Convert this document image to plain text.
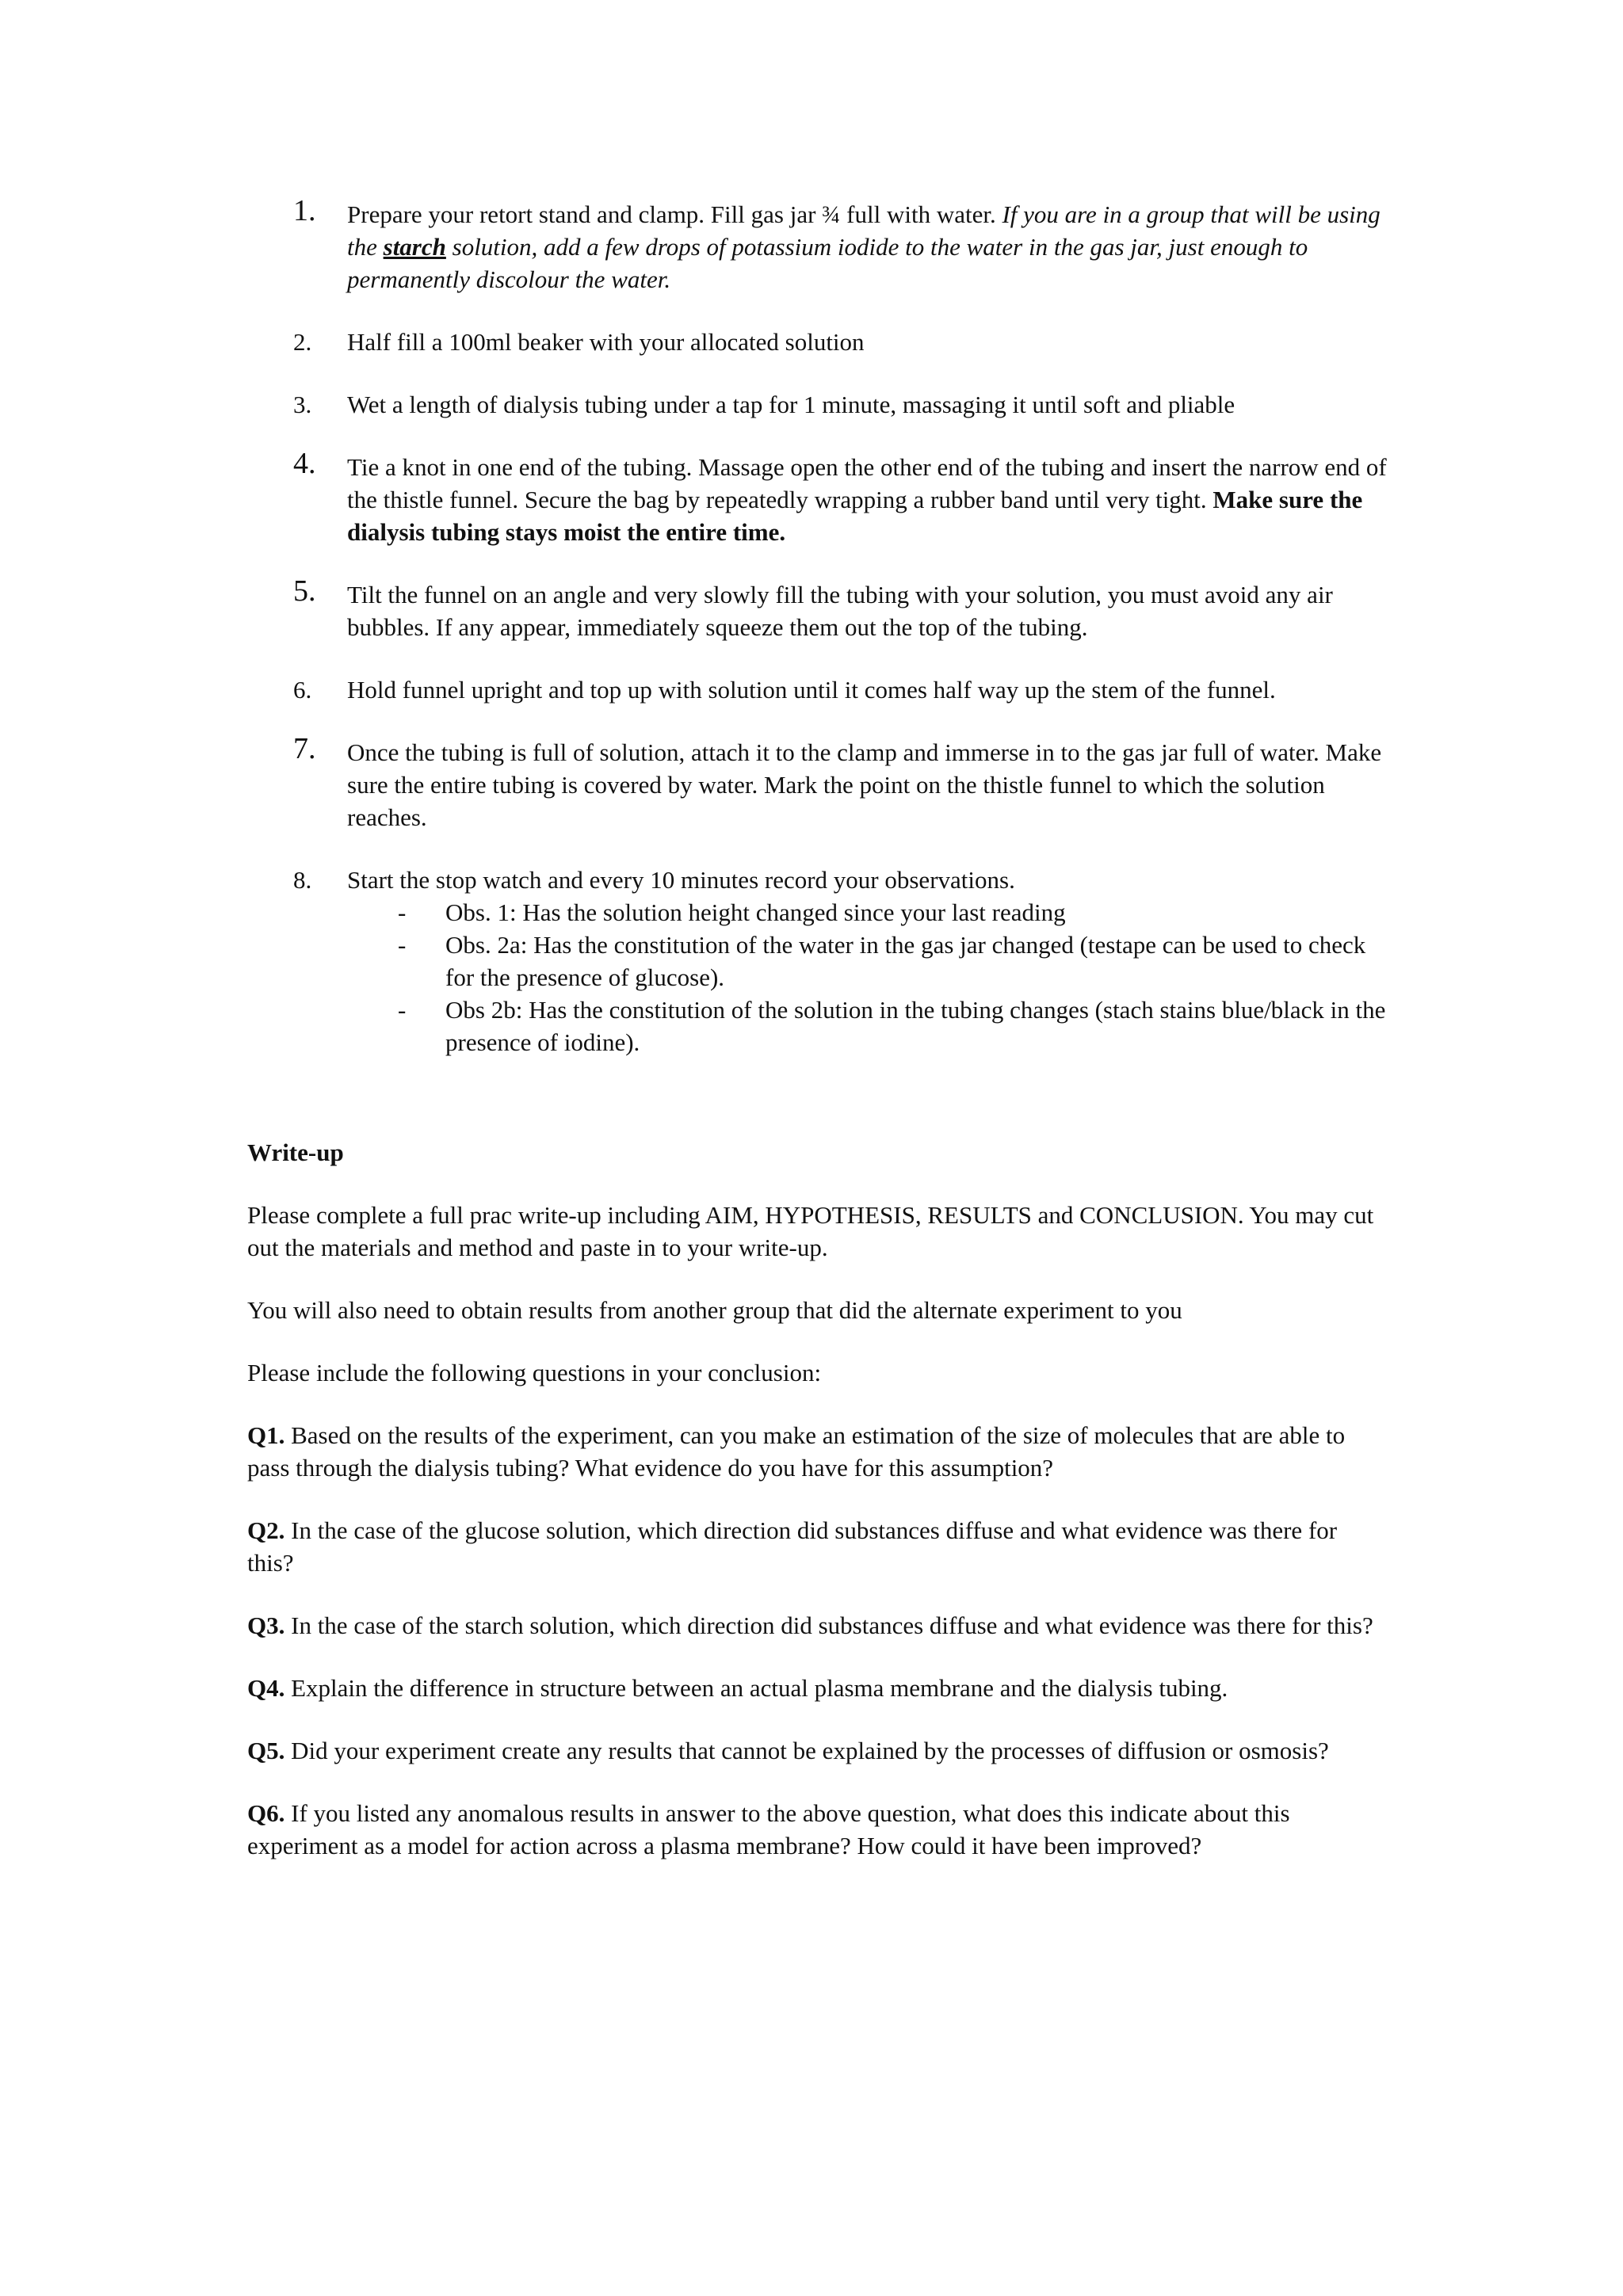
1. Prepare your retort stand and clamp. Fill gas jar ¾ full with water. If you are in a group that will be using the starch solution, add a few drops of potassium iodide to the water in the gas jar, just enough to permanently discolour the water.
2. Half fill a 100ml beaker with your allocated solution
3. Wet a length of dialysis tubing under a tap for 1 minute, massaging it until soft and pliable
4. Tie a knot in one end of the tubing. Massage open the other end of the tubing and insert the narrow end of the thistle funnel. Secure the bag by repeatedly wrapping a rubber band until very tight. Make sure the dialysis tubing stays moist the entire time.
5. Tilt the funnel on an angle and very slowly fill the tubing with your solution, you must avoid any air bubbles. If any appear, immediately squeeze them out the top of the tubing.
6. Hold funnel upright and top up with solution until it comes half way up the stem of the funnel.
7. Once the tubing is full of solution, attach it to the clamp and immerse in to the gas jar full of water. Make sure the entire tubing is covered by water. Mark the point on the thistle funnel to which the solution reaches.
8. Start the stop watch and every 10 minutes record your observations.
- Obs. 1: Has the solution height changed since your last reading
- Obs. 2a: Has the constitution of the water in the gas jar changed (testape can be used to check for the presence of glucose).
- Obs 2b: Has the constitution of the solution in the tubing changes (stach stains blue/black in the presence of iodine).
Write-up

Please complete a full prac write-up including AIM, HYPOTHESIS, RESULTS and CONCLUSION. You may cut out the materials and method and paste in to your write-up.

You will also need to obtain results from another group that did the alternate experiment to you

Please include the following questions in your conclusion:

Q1. Based on the results of the experiment, can you make an estimation of the size of molecules that are able to pass through the dialysis tubing? What evidence do you have for this assumption?

Q2. In the case of the glucose solution, which direction did substances diffuse and what evidence was there for this?

Q3. In the case of the starch solution, which direction did substances diffuse and what evidence was there for this?

Q4. Explain the difference in structure between an actual plasma membrane and the dialysis tubing.

Q5. Did your experiment create any results that cannot be explained by the processes of diffusion or osmosis?

Q6. If you listed any anomalous results in answer to the above question, what does this indicate about this experiment as a model for action across a plasma membrane? How could it have been improved?
